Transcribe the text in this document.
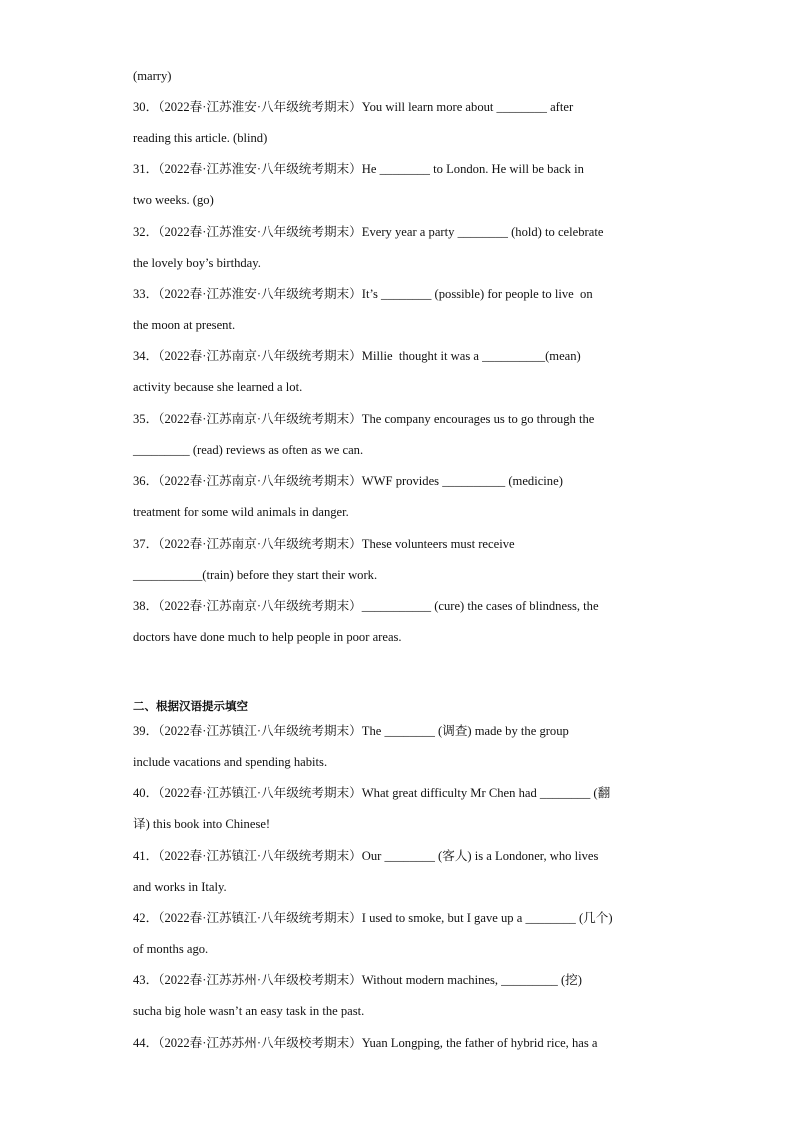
二、根据汉语提示填空
(marry)
30．（2022春·江苏淮安·八年级统考期末）You will learn more about ________ after
reading this article. (blind)
31．（2022春·江苏淮安·八年级统考期末）He ________ to London. He will be back in
two weeks. (go)
32．（2022春·江苏淮安·八年级统考期末）Every year a party ________ (hold) to celebrate
the lovely boy’s birthday.
33．（2022春·江苏淮安·八年级统考期末）It’s ________ (possible) for people to live  on
the moon at present.
34．（2022春·江苏南京·八年级统考期末）Millie  thought it was a __________(mean)
activity because she learned a lot.
35．（2022春·江苏南京·八年级统考期末）The company encourages us to go through the
_________ (read) reviews as often as we can.
36．（2022春·江苏南京·八年级统考期末）WWF provides __________ (medicine)
treatment for some wild animals in danger.
37．（2022春·江苏南京·八年级统考期末）These volunteers must receive
___________(train) before they start their work.
38．（2022春·江苏南京·八年级统考期末）___________ (cure) the cases of blindness, the
doctors have done much to help people in poor areas.
39．（2022春·江苏镇江·八年级统考期末）The ________ (调查) made by the group
include vacations and spending habits.
40．（2022春·江苏镇江·八年级统考期末）What great difficulty Mr Chen had ________ (翻
译) this book into Chinese!
41．（2022春·江苏镇江·八年级统考期末）Our ________ (客人) is a Londoner, who lives
and works in Italy.
42．（2022春·江苏镇江·八年级统考期末）I used to smoke, but I gave up a ________ (几个)
of months ago.
43．（2022春·江苏苏州·八年级校考期末）Without modern machines, _________ (挖)
sucha big hole wasn’t an easy task in the past.
44．（2022春·江苏苏州·八年级校考期末）Yuan Longping, the father of hybrid rice, has a
